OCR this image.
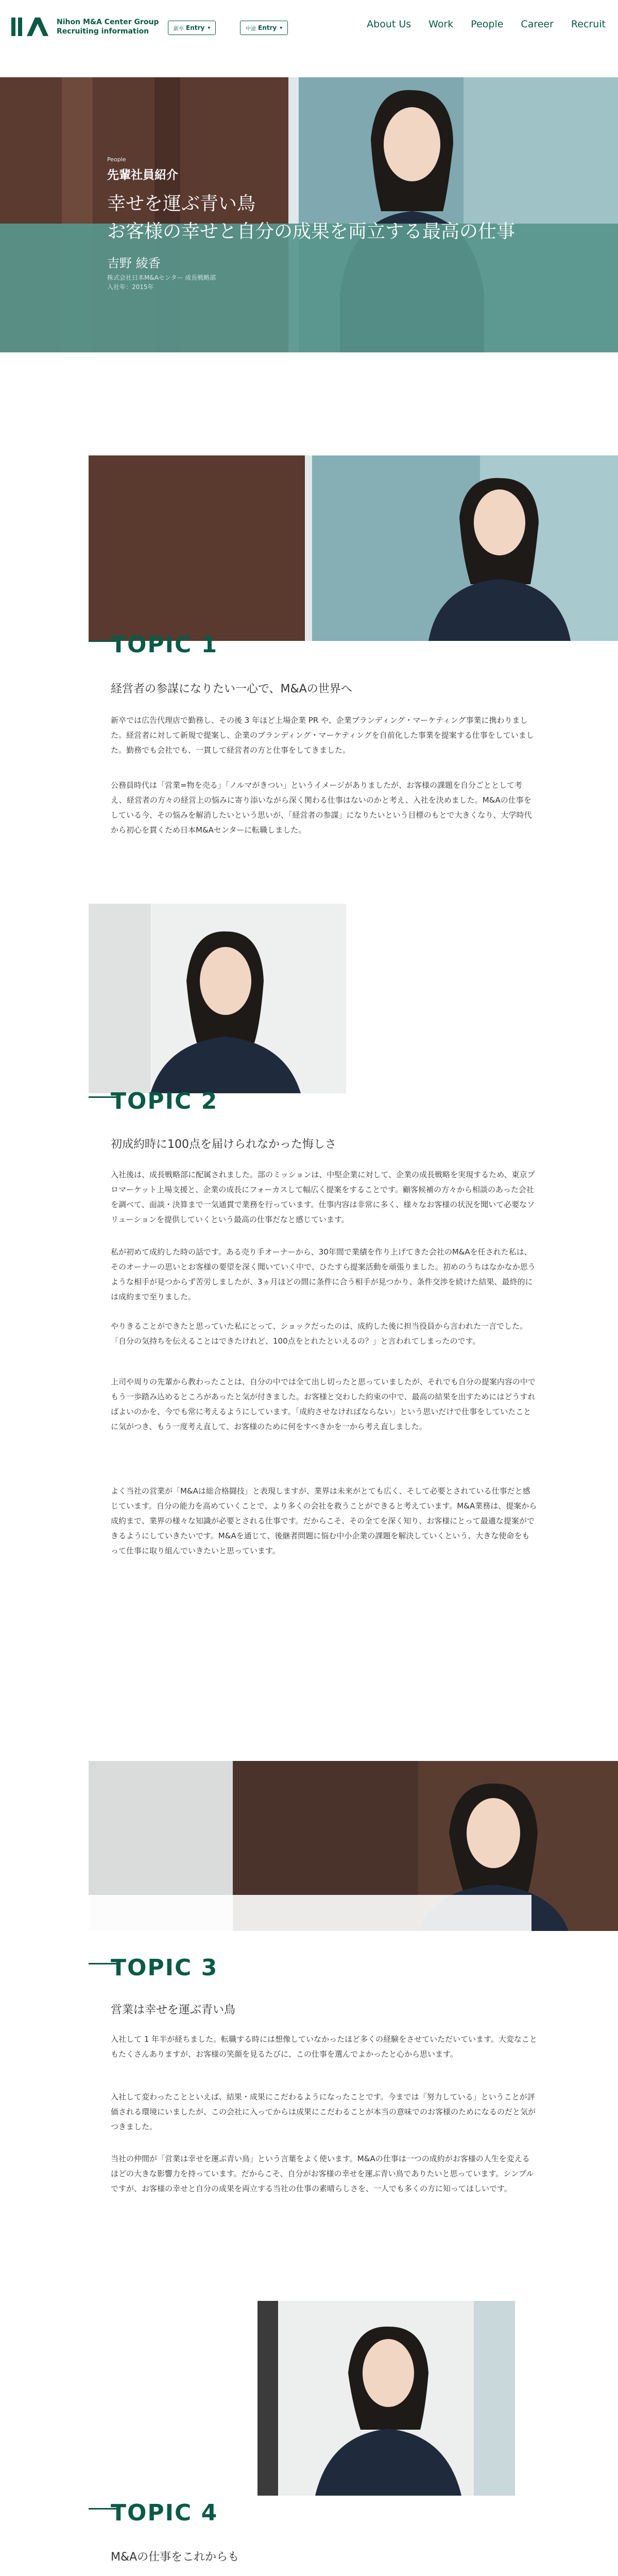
Nihon M&A Center Group
Recruiting information	新卒 Entry ▾	中途 Entry ▾	About Us Work People Career Recruit
People
先輩社員紹介
幸せを運ぶ青い鳥
お客様の幸せと自分の成果を両立する最高の仕事
吉野 綾香
株式会社日本M&Aセンター 成長戦略部
入社年：2015年
TOPIC 1
経営者の参謀になりたい一心で、M&Aの世界へ
新卒では広告代理店で勤務し、その後 3 年ほど上場企業 PR や、企業ブランディング・マーケティング事業に携わりました。経営者に対して新規で提案し、企業のブランディング・マーケティングを自前化した事業を提案する仕事をしていました。勤務でも会社でも、一貫して経営者の方と仕事をしてきました。
公務員時代は「営業=物を売る」「ノルマがきつい」というイメージがありましたが、お客様の課題を自分ごととして考え、経営者の方々の経営上の悩みに寄り添いながら深く関わる仕事はないのかと考え、入社を決めました。M&Aの仕事をしている今、その悩みを解消したいという思いが、「経営者の参謀」になりたいという目標のもとで大きくなり、大学時代から初心を貫くため日本M&Aセンターに転職しました。
TOPIC 2
初成約時に100点を届けられなかった悔しさ
入社後は、成長戦略部に配属されました。部のミッションは、中堅企業に対して、企業の成長戦略を実現するため、東京プロマーケット上場支援と、企業の成長にフォーカスして幅広く提案をすることです。顧客候補の方々から相談のあった会社を調べて、面談・決算まで一気通貫で業務を行っています。仕事内容は非常に多く、様々なお客様の状況を聞いて必要なソリューションを提供していくという最高の仕事だなと感じています。
私が初めて成約した時の話です。ある売り手オーナーから、30年間で業績を作り上げてきた会社のM&Aを任された私は、そのオーナーの思いとお客様の要望を深く聞いていく中で、ひたすら提案活動を頑張りました。初めのうちはなかなか思うような相手が見つからず苦労しましたが、3ヵ月ほどの間に条件に合う相手が見つかり、条件交渉を続けた結果、最終的には成約まで至りました。
やりきることができたと思っていた私にとって、ショックだったのは、成約した後に担当役員から言われた一言でした。「自分の気持ちを伝えることはできたけれど、100点をとれたといえるの？」と言われてしまったのです。
上司や周りの先輩から教わったことは、自分の中では全て出し切ったと思っていましたが、それでも自分の提案内容の中でもう一歩踏み込めるところがあったと気が付きました。お客様と交わした約束の中で、最高の結果を出すためにはどうすればよいのかを、今でも常に考えるようにしています。「成約させなければならない」という思いだけで仕事をしていたことに気がつき、もう一度考え直して、お客様のために何をすべきかを一から考え直しました。
よく当社の営業が「M&Aは総合格闘技」と表現しますが、業界は未来がとても広く、そして必要とされている仕事だと感じています。自分の能力を高めていくことで、より多くの会社を救うことができると考えています。M&A業務は、提案から成約まで、業界の様々な知識が必要とされる仕事です。だからこそ、その全てを深く知り、お客様にとって最適な提案ができるようにしていきたいです。M&Aを通じて、後継者問題に悩む中小企業の課題を解決していくという、大きな使命をもって仕事に取り組んでいきたいと思っています。
TOPIC 3
営業は幸せを運ぶ青い鳥
入社して 1 年半が経ちました。転職する時には想像していなかったほど多くの経験をさせていただいています。大変なこともたくさんありますが、お客様の笑顔を見るたびに、この仕事を選んでよかったと心から思います。
入社して変わったことといえば、結果・成果にこだわるようになったことです。今までは「努力している」ということが評価される環境にいましたが、この会社に入ってからは成果にこだわることが本当の意味でのお客様のためになるのだと気がつきました。
当社の仲間が「営業は幸せを運ぶ青い鳥」という言葉をよく使います。M&Aの仕事は一つの成約がお客様の人生を変えるほどの大きな影響力を持っています。だからこそ、自分がお客様の幸せを運ぶ青い鳥でありたいと思っています。シンプルですが、お客様の幸せと自分の成果を両立する当社の仕事の素晴らしさを、一人でも多くの方に知ってほしいです。
TOPIC 4
M&Aの仕事をこれからも
